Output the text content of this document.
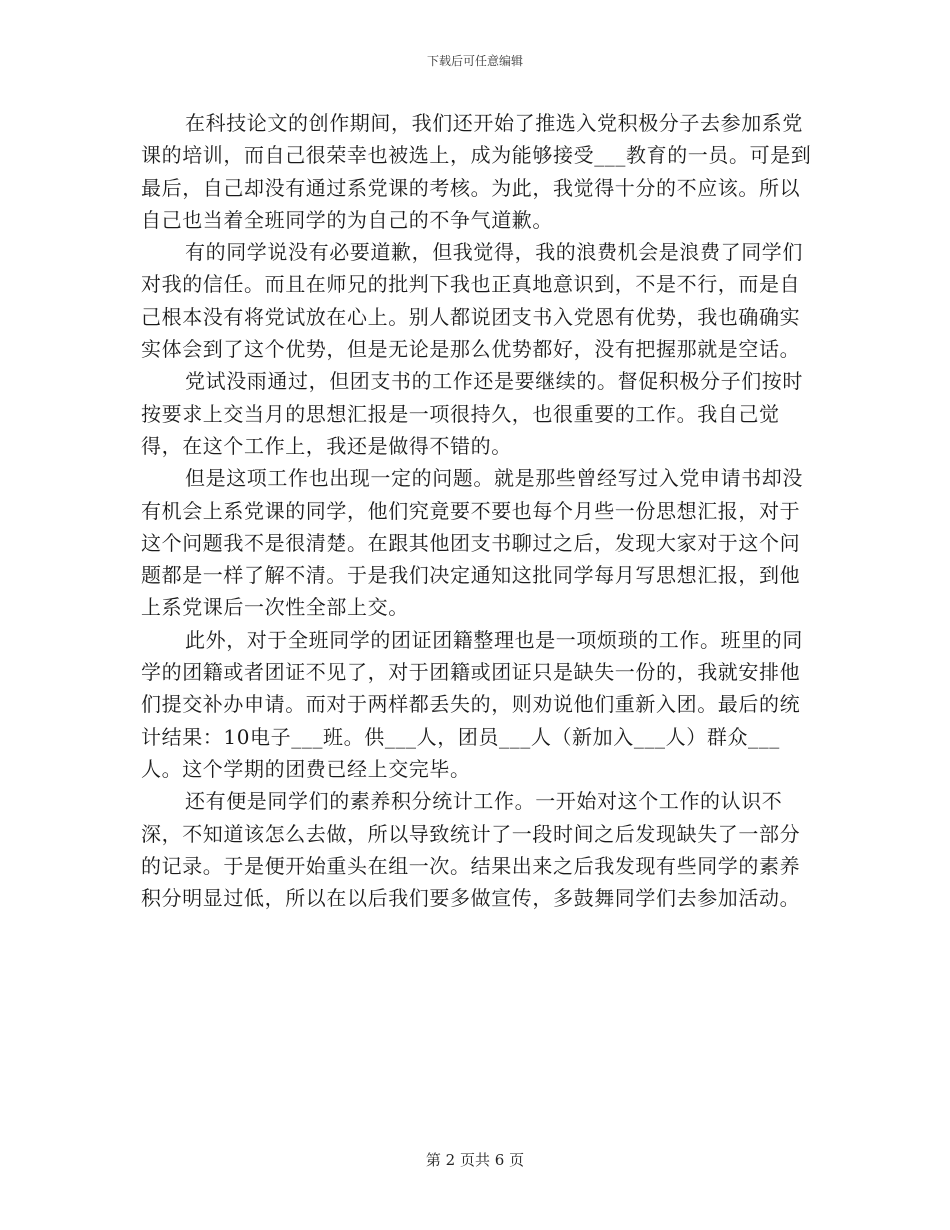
下载后可任意编辑

在科技论文的创作期间，我们还开始了推选入党积极分子去参加系党课的培训，而自己很荣幸也被选上，成为能够接受___教育的一员。可是到最后，自己却没有通过系党课的考核。为此，我觉得十分的不应该。所以自己也当着全班同学的为自己的不争气道歉。

有的同学说没有必要道歉，但我觉得，我的浪费机会是浪费了同学们对我的信任。而且在师兄的批判下我也正真地意识到，不是不行，而是自己根本没有将党试放在心上。别人都说团支书入党恩有优势，我也确确实实体会到了这个优势，但是无论是那么优势都好，没有把握那就是空话。

党试没雨通过，但团支书的工作还是要继续的。督促积极分子们按时按要求上交当月的思想汇报是一项很持久，也很重要的工作。我自己觉得，在这个工作上，我还是做得不错的。

但是这项工作也出现一定的问题。就是那些曾经写过入党申请书却没有机会上系党课的同学，他们究竟要不要也每个月些一份思想汇报，对于这个问题我不是很清楚。在跟其他团支书聊过之后，发现大家对于这个问题都是一样了解不清。于是我们决定通知这批同学每月写思想汇报，到他上系党课后一次性全部上交。

此外，对于全班同学的团证团籍整理也是一项烦琐的工作。班里的同学的团籍或者团证不见了，对于团籍或团证只是缺失一份的，我就安排他们提交补办申请。而对于两样都丢失的，则劝说他们重新入团。最后的统计结果：10电子___班。供___人，团员___人（新加入___人）群众___人。这个学期的团费已经上交完毕。

还有便是同学们的素养积分统计工作。一开始对这个工作的认识不深，不知道该怎么去做，所以导致统计了一段时间之后发现缺失了一部分的记录。于是便开始重头在组一次。结果出来之后我发现有些同学的素养积分明显过低，所以在以后我们要多做宣传，多鼓舞同学们去参加活动。

第 2 页共 6 页
